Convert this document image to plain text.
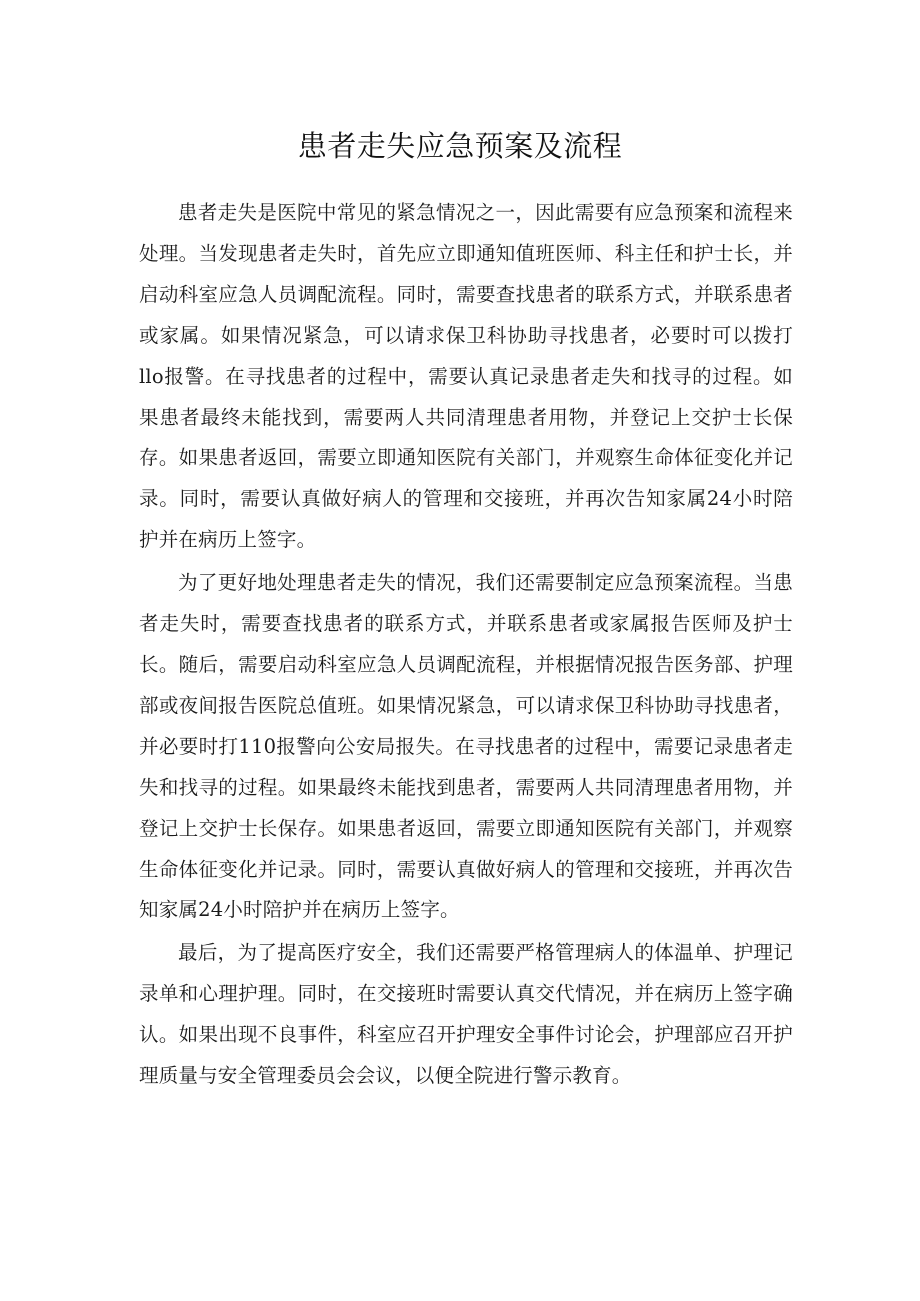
患者走失应急预案及流程

患者走失是医院中常见的紧急情况之一，因此需要有应急预案和流程来处理。当发现患者走失时，首先应立即通知值班医师、科主任和护士长，并启动科室应急人员调配流程。同时，需要查找患者的联系方式，并联系患者或家属。如果情况紧急，可以请求保卫科协助寻找患者，必要时可以拨打llo报警。在寻找患者的过程中，需要认真记录患者走失和找寻的过程。如果患者最终未能找到，需要两人共同清理患者用物，并登记上交护士长保存。如果患者返回，需要立即通知医院有关部门，并观察生命体征变化并记录。同时，需要认真做好病人的管理和交接班，并再次告知家属24小时陪护并在病历上签字。

为了更好地处理患者走失的情况，我们还需要制定应急预案流程。当患者走失时，需要查找患者的联系方式，并联系患者或家属报告医师及护士长。随后，需要启动科室应急人员调配流程，并根据情况报告医务部、护理部或夜间报告医院总值班。如果情况紧急，可以请求保卫科协助寻找患者，并必要时打110报警向公安局报失。在寻找患者的过程中，需要记录患者走失和找寻的过程。如果最终未能找到患者，需要两人共同清理患者用物，并登记上交护士长保存。如果患者返回，需要立即通知医院有关部门，并观察生命体征变化并记录。同时，需要认真做好病人的管理和交接班，并再次告知家属24小时陪护并在病历上签字。

最后，为了提高医疗安全，我们还需要严格管理病人的体温单、护理记录单和心理护理。同时，在交接班时需要认真交代情况，并在病历上签字确认。如果出现不良事件，科室应召开护理安全事件讨论会，护理部应召开护理质量与安全管理委员会会议，以便全院进行警示教育。
